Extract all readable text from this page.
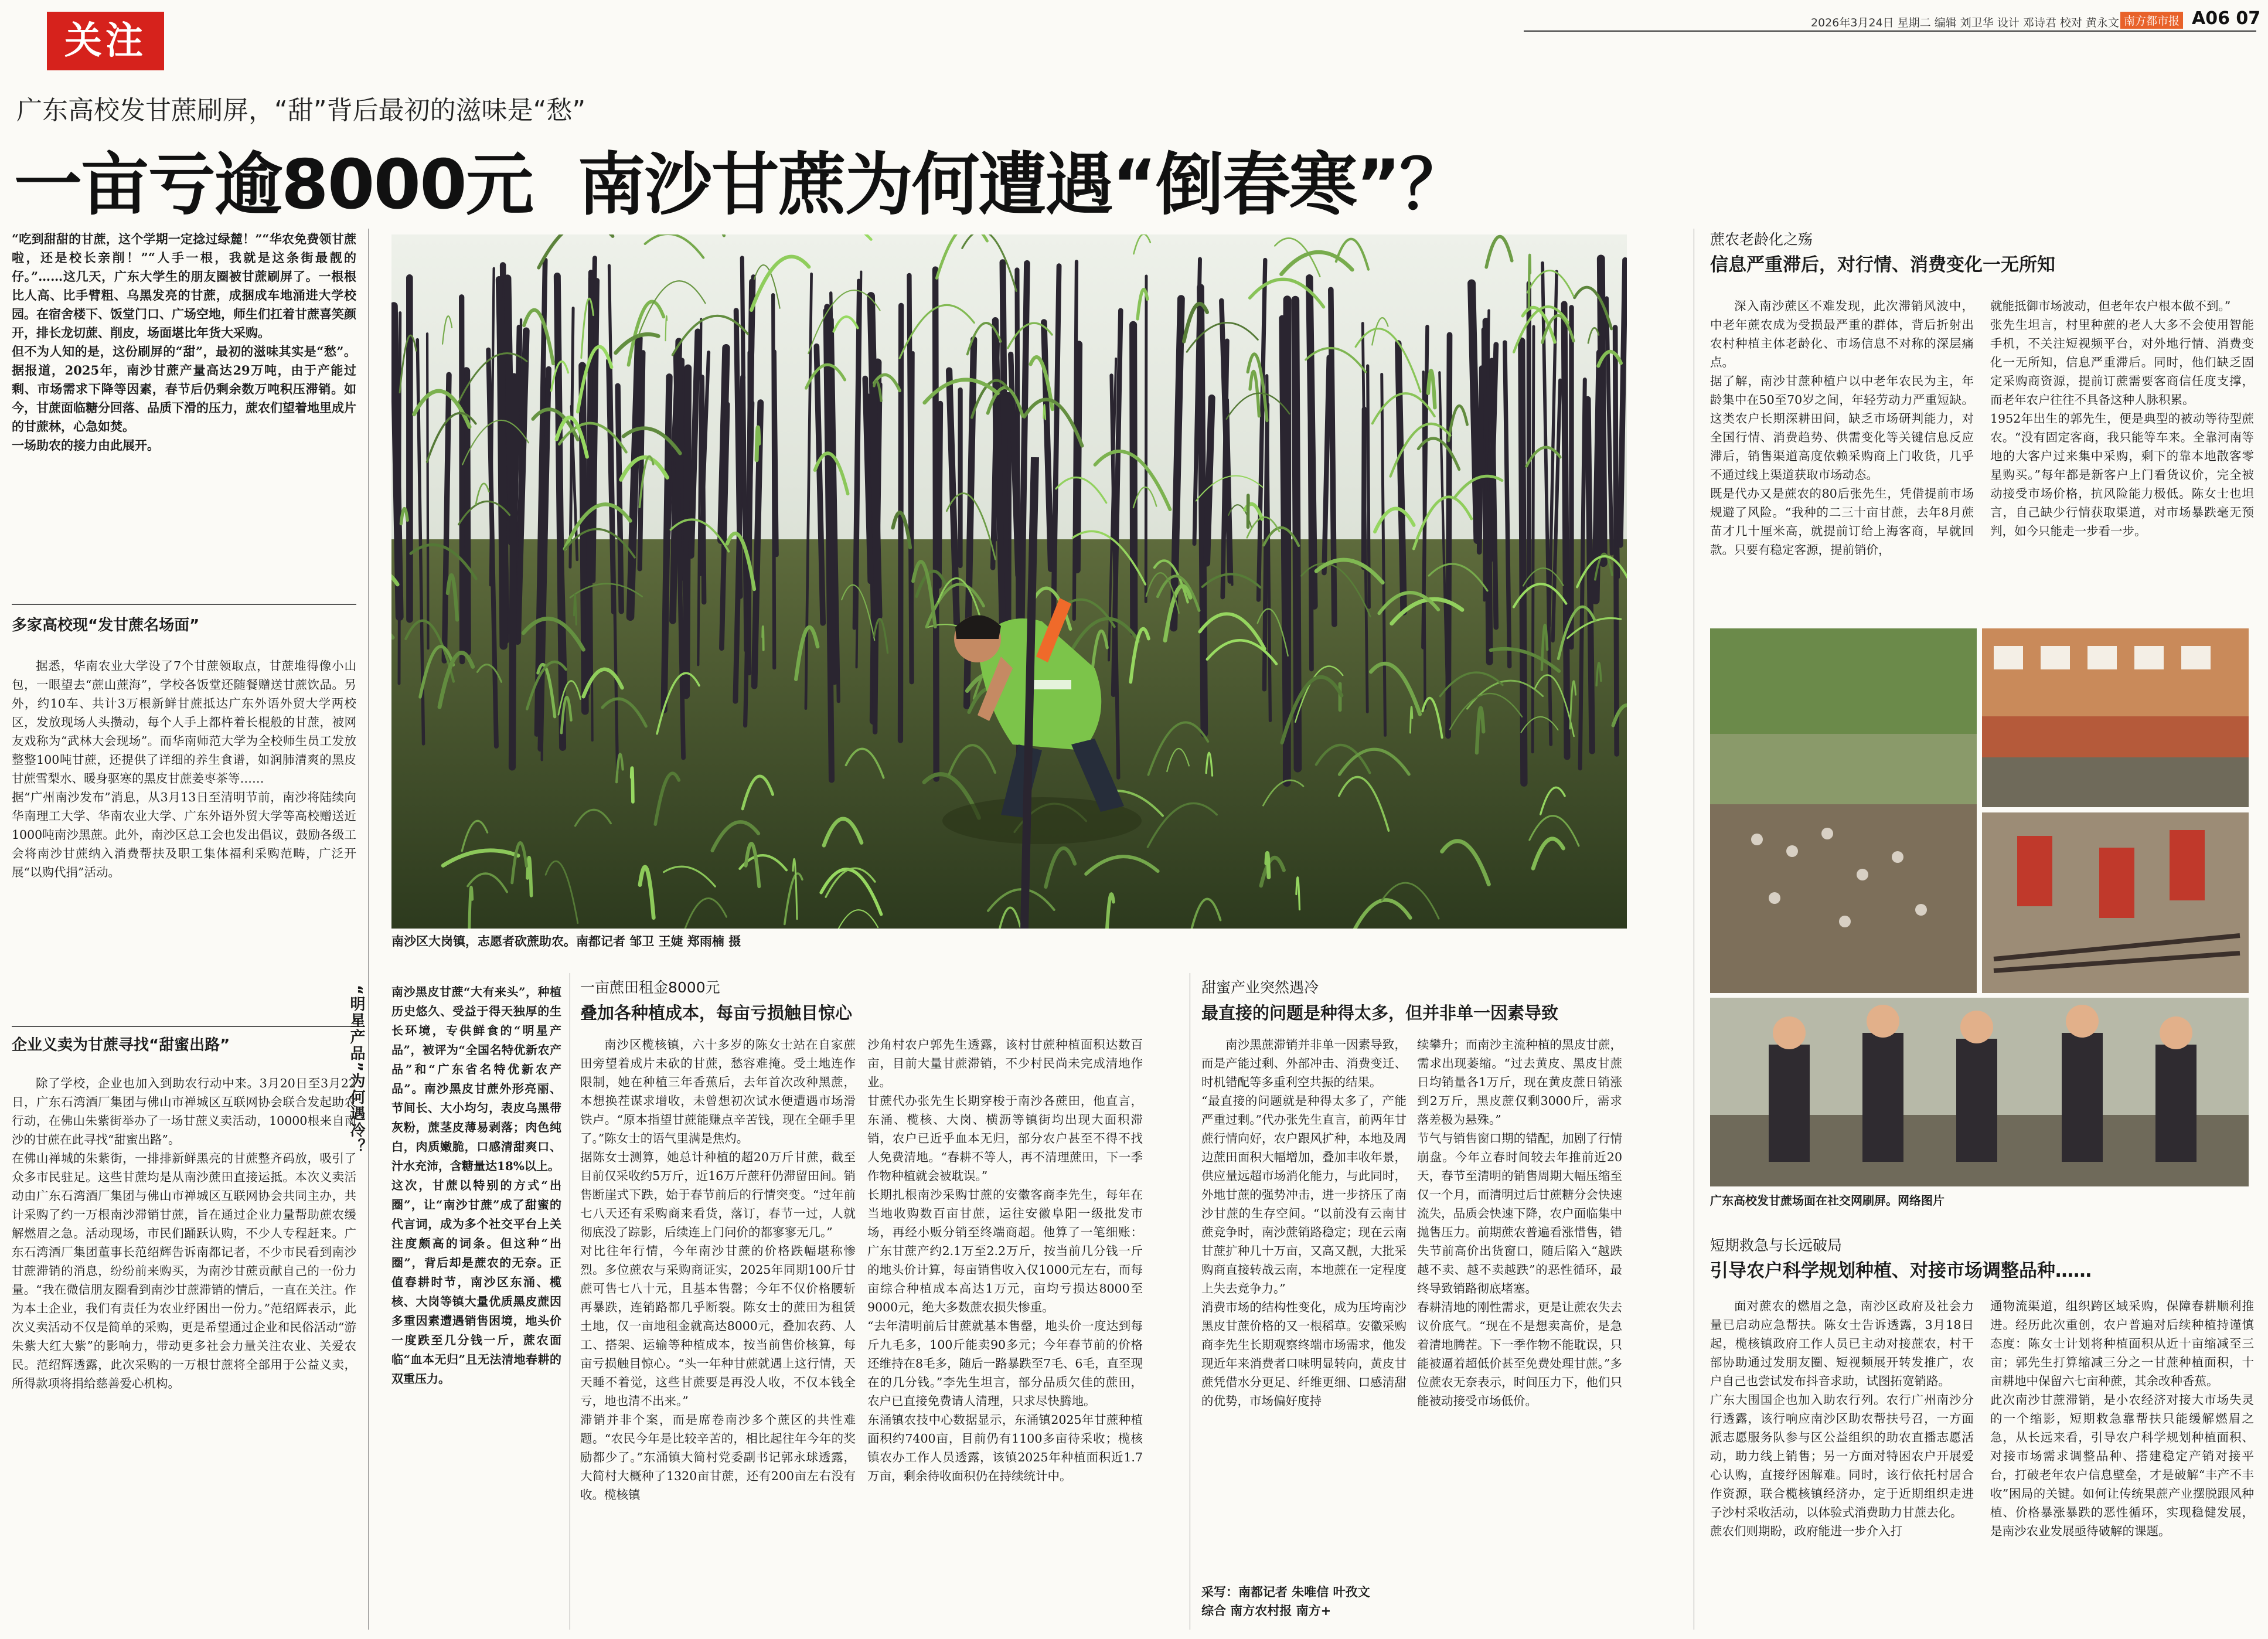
关注	2026年3月24日 星期二 编辑 刘卫华 设计 邓诗君 校对 黄永文 南方都市报 A06 07
广东高校发甘蔗刷屏，“甜”背后最初的滋味是“愁”
一亩亏逾8000元  南沙甘蔗为何遭遇“倒春寒”？
“吃到甜甜的甘蔗，这个学期一定捻过绿麓！”“华农免费领甘蔗啦，还是校长亲削！”“人手一根，我就是这条街最靓的仔。”……这几天，广东大学生的朋友圈被甘蔗刷屏了。一根根比人高、比手臂粗、乌黑发亮的甘蔗，成捆成车地涌进大学校园。在宿舍楼下、饭堂门口、广场空地，师生们扛着甘蔗喜笑颜开，排长龙切蔗、削皮，场面堪比年货大采购。
但不为人知的是，这份刷屏的“甜”，最初的滋味其实是“愁”。据报道，2025年，南沙甘蔗产量高达29万吨，由于产能过剩、市场需求下降等因素，春节后仍剩余数万吨积压滞销。如今，甘蔗面临糖分回落、品质下滑的压力，蔗农们望着地里成片的甘蔗林，心急如焚。
一场助农的接力由此展开。
多家高校现“发甘蔗名场面”
据悉，华南农业大学设了7个甘蔗领取点，甘蔗堆得像小山包，一眼望去“蔗山蔗海”，学校各饭堂还随餐赠送甘蔗饮品。另外，约10车、共计3万根新鲜甘蔗抵达广东外语外贸大学两校区，发放现场人头攒动，每个人手上都杵着长棍般的甘蔗，被网友戏称为“武林大会现场”。而华南师范大学为全校师生员工发放整整100吨甘蔗，还提供了详细的养生食谱，如润肺清爽的黑皮甘蔗雪梨水、暖身驱寒的黑皮甘蔗姜枣茶等……
据“广州南沙发布”消息，从3月13日至清明节前，南沙将陆续向华南理工大学、华南农业大学、广东外语外贸大学等高校赠送近1000吨南沙黑蔗。此外，南沙区总工会也发出倡议，鼓励各级工会将南沙甘蔗纳入消费帮扶及职工集体福利采购范畴，广泛开展“以购代捐”活动。
企业义卖为甘蔗寻找“甜蜜出路”
除了学校，企业也加入到助农行动中来。3月20日至3月22日，广东石湾酒厂集团与佛山市禅城区互联网协会联合发起助农行动，在佛山朱紫街举办了一场甘蔗义卖活动，10000根来自南沙的甘蔗在此寻找“甜蜜出路”。
在佛山禅城的朱紫街，一排排新鲜黑亮的甘蔗整齐码放，吸引了众多市民驻足。这些甘蔗均是从南沙蔗田直接运抵。本次义卖活动由广东石湾酒厂集团与佛山市禅城区互联网协会共同主办，共计采购了约一万根南沙滞销甘蔗，旨在通过企业力量帮助蔗农缓解燃眉之急。活动现场，市民们踊跃认购，不少人专程赶来。广东石湾酒厂集团董事长范绍辉告诉南都记者，不少市民看到南沙甘蔗滞销的消息，纷纷前来购买，为南沙甘蔗贡献自己的一份力量。“我在微信朋友圈看到南沙甘蔗滞销的情后，一直在关注。作为本土企业，我们有责任为农业纾困出一份力。”范绍辉表示，此次义卖活动不仅是简单的采购，更是希望通过企业和民俗活动“游朱紫大红大紫”的影响力，带动更多社会力量关注农业、关爱农民。范绍辉透露，此次采购的一万根甘蔗将全部用于公益义卖，所得款项将捐给慈善爱心机构。
南沙区大岗镇，志愿者砍蔗助农。南都记者 邹卫 王婕 郑雨楠 摄
“明星产品”为何遇冷？ 南沙黑皮甘蔗“大有来头”，种植历史悠久、受益于得天独厚的生长环境，专供鲜食的“明星产品”，被评为“全国名特优新农产品”和“广东省名特优新农产品”。南沙黑皮甘蔗外形亮丽、节间长、大小均匀，表皮乌黑带灰粉，蔗茎皮薄易剥落；肉色纯白，肉质嫩脆，口感清甜爽口、汁水充沛，含糖量达18%以上。
这次，甘蔗以特别的方式“出圈”，让“南沙甘蔗”成了甜蜜的代言词，成为多个社交平台上关注度颇高的词条。但这种“出圈”，背后却是蔗农的无奈。正值春耕时节，南沙区东涌、榄核、大岗等镇大量优质黑皮蔗因多重因素遭遇销售困境，地头价一度跌至几分钱一斤，蔗农面临“血本无归”且无法清地春耕的双重压力。
一亩蔗田租金8000元
叠加各种植成本，每亩亏损触目惊心
南沙区榄核镇，六十多岁的陈女士站在自家蔗田旁望着成片未砍的甘蔗，愁容难掩。受土地连作限制，她在种植三年香蕉后，去年首次改种黑蔗，本想换茬谋求增收，未曾想初次试水便遭遇市场滑铁卢。“原本指望甘蔗能赚点辛苦钱，现在全砸手里了。”陈女士的语气里满是焦灼。
据陈女士测算，她总计种植的超20万斤甘蔗，截至目前仅采收约5万斤，近16万斤蔗秆仍滞留田间。销售断崖式下跌，始于春节前后的行情突变。“过年前七八天还有采购商来看货，落订，春节一过，人就彻底没了踪影，后续连上门问价的都寥寥无几。”
对比往年行情，今年南沙甘蔗的价格跌幅堪称惨烈。多位蔗农与采购商证实，2025年同期100斤甘蔗可售七八十元，且基本售罄；今年不仅价格腰斩再暴跌，连销路都几乎断裂。陈女士的蔗田为租赁土地，仅一亩地租金就高达8000元，叠加农药、人工、搭架、运输等种植成本，按当前售价核算，每亩亏损触目惊心。“头一年种甘蔗就遇上这行情，天天睡不着觉，这些甘蔗要是再没人收，不仅本钱全亏，地也清不出来。”
滞销并非个案，而是席卷南沙多个蔗区的共性难题。“农民今年是比较辛苦的，相比起往年今年的奖励都少了。”东涌镇大简村党委副书记郭永球透露，大简村大概种了1320亩甘蔗，还有200亩左右没有收。榄核镇
沙角村农户郭先生透露，该村甘蔗种植面积达数百亩，目前大量甘蔗滞销，不少村民尚未完成清地作业。
甘蔗代办张先生长期穿梭于南沙各蔗田，他直言，东涌、榄核、大岗、横沥等镇街均出现大面积滞销，农户已近乎血本无归，部分农户甚至不得不找人免费清地。“春耕不等人，再不清理蔗田，下一季作物种植就会被耽误。”
长期扎根南沙采购甘蔗的安徽客商李先生，每年在当地收购数百亩甘蔗，运往安徽阜阳一级批发市场，再经小贩分销至终端商超。他算了一笔细账：广东甘蔗产约2.1万至2.2万斤，按当前几分钱一斤的地头价计算，每亩销售收入仅1000元左右，而每亩综合种植成本高达1万元，亩均亏损达8000至9000元，绝大多数蔗农损失惨重。
“去年清明前后甘蔗就基本售罄，地头价一度达到每斤九毛多，100斤能卖90多元；今年春节前的价格还维持在8毛多，随后一路暴跌至7毛、6毛，直至现在的几分钱。”李先生坦言，部分品质欠佳的蔗田，农户已直接免费请人清理，只求尽快腾地。
东涌镇农技中心数据显示，东涌镇2025年甘蔗种植面积约7400亩，目前仍有1100多亩待采收；榄核镇农办工作人员透露，该镇2025年种植面积近1.7万亩，剩余待收面积仍在持续统计中。
甜蜜产业突然遇冷
最直接的问题是种得太多，但并非单一因素导致
南沙黑蔗滞销并非单一因素导致，而是产能过剩、外部冲击、消费变迁、时机错配等多重利空共振的结果。
“最直接的问题就是种得太多了，产能严重过剩。”代办张先生直言，前两年甘蔗行情向好，农户跟风扩种，本地及周边蔗田面积大幅增加，叠加丰收年景，供应量远超市场消化能力，与此同时，外地甘蔗的强势冲击，进一步挤压了南沙甘蔗的生存空间。“以前没有云南甘蔗竞争时，南沙蔗销路稳定；现在云南甘蔗扩种几十万亩，又高又靓，大批采购商直接转战云南，本地蔗在一定程度上失去竞争力。”
消费市场的结构性变化，成为压垮南沙黑皮甘蔗价格的又一根稻草。安徽采购商李先生长期观察终端市场需求，他发现近年来消费者口味明显转向，黄皮甘蔗凭借水分更足、纤维更细、口感清甜的优势，市场偏好度持
续攀升；而南沙主流种植的黑皮甘蔗，需求出现萎缩。“过去黄皮、黑皮甘蔗日均销量各1万斤，现在黄皮蔗日销涨到2万斤，黑皮蔗仅剩3000斤，需求落差极为悬殊。”
节气与销售窗口期的错配，加剧了行情崩盘。今年立春时间较去年推前近20天，春节至清明的销售周期大幅压缩至仅一个月，而清明过后甘蔗糖分会快速流失，品质会快速下降，农户面临集中抛售压力。前期蔗农普遍看涨惜售，错失节前高价出货窗口，随后陷入“越跌越不卖、越不卖越跌”的恶性循环，最终导致销路彻底堵塞。
春耕清地的刚性需求，更是让蔗农失去议价底气。“现在不是想卖高价，是急着清地腾茬。下一季作物不能耽误，只能被逼着超低价甚至免费处理甘蔗。”多位蔗农无奈表示，时间压力下，他们只能被动接受市场低价。
采写：南都记者 朱唯信 叶孜文
综合 南方农村报 南方+
蔗农老龄化之殇
信息严重滞后，对行情、消费变化一无所知
深入南沙蔗区不难发现，此次滞销风波中，中老年蔗农成为受损最严重的群体，背后折射出农村种植主体老龄化、市场信息不对称的深层痛点。
据了解，南沙甘蔗种植户以中老年农民为主，年龄集中在50至70岁之间，年轻劳动力严重短缺。这类农户长期深耕田间，缺乏市场研判能力，对全国行情、消费趋势、供需变化等关键信息反应滞后，销售渠道高度依赖采购商上门收货，几乎不通过线上渠道获取市场动态。
既是代办又是蔗农的80后张先生，凭借提前市场规避了风险。“我种的二三十亩甘蔗，去年8月蔗苗才几十厘米高，就提前订给上海客商，早就回款。只要有稳定客源，提前销价，
就能抵御市场波动，但老年农户根本做不到。”
张先生坦言，村里种蔗的老人大多不会使用智能手机，不关注短视频平台，对外地行情、消费变化一无所知，信息严重滞后。同时，他们缺乏固定采购商资源，提前订蔗需要客商信任度支撑，而老年农户往往不具备这种人脉积累。
1952年出生的郭先生，便是典型的被动等待型蔗农。“没有固定客商，我只能等车来。全靠河南等地的大客户过来集中采购，剩下的靠本地散客零星购买。”每年都是新客户上门看货议价，完全被动接受市场价格，抗风险能力极低。陈女士也坦言，自己缺少行情获取渠道，对市场暴跌毫无预判，如今只能走一步看一步。
广东高校发甘蔗场面在社交网刷屏。网络图片
短期救急与长远破局
引导农户科学规划种植、对接市场调整品种……
面对蔗农的燃眉之急，南沙区政府及社会力量已启动应急帮扶。陈女士告诉透露，3月18日起，榄核镇政府工作人员已主动对接蔗农，村干部协助通过发朋友圈、短视频展开转发推广，农户自己也尝试发布抖音求助，试图拓宽销路。
广东大围国企也加入助农行列。农行广州南沙分行透露，该行响应南沙区助农帮扶号召，一方面派志愿服务队参与区公益组织的助农直播志愿活动，助力线上销售；另一方面对特困农户开展爱心认购，直接纾困解难。同时，该行依托村居合作资源，联合榄核镇经济办，定于近期组织走进子沙村采收活动，以体验式消费助力甘蔗去化。
蔗农们则期盼，政府能进一步介入打
通物流渠道，组织跨区域采购，保障春耕顺利推进。经历此次重创，农户普遍对后续种植持谨慎态度：陈女士计划将种植面积从近十亩缩减至三亩；郭先生打算缩减三分之一甘蔗种植面积，十亩耕地中保留六七亩种蔗，其余改种香蕉。
此次南沙甘蔗滞销，是小农经济对接大市场失灵的一个缩影，短期救急靠帮扶只能缓解燃眉之急，从长远来看，引导农户科学规划种植面积、对接市场需求调整品种、搭建稳定产销对接平台，打破老年农户信息壁垒，才是破解“丰产不丰收”困局的关键。如何让传统果蔗产业摆脱跟风种植、价格暴涨暴跌的恶性循环，实现稳健发展，是南沙农业发展亟待破解的课题。
